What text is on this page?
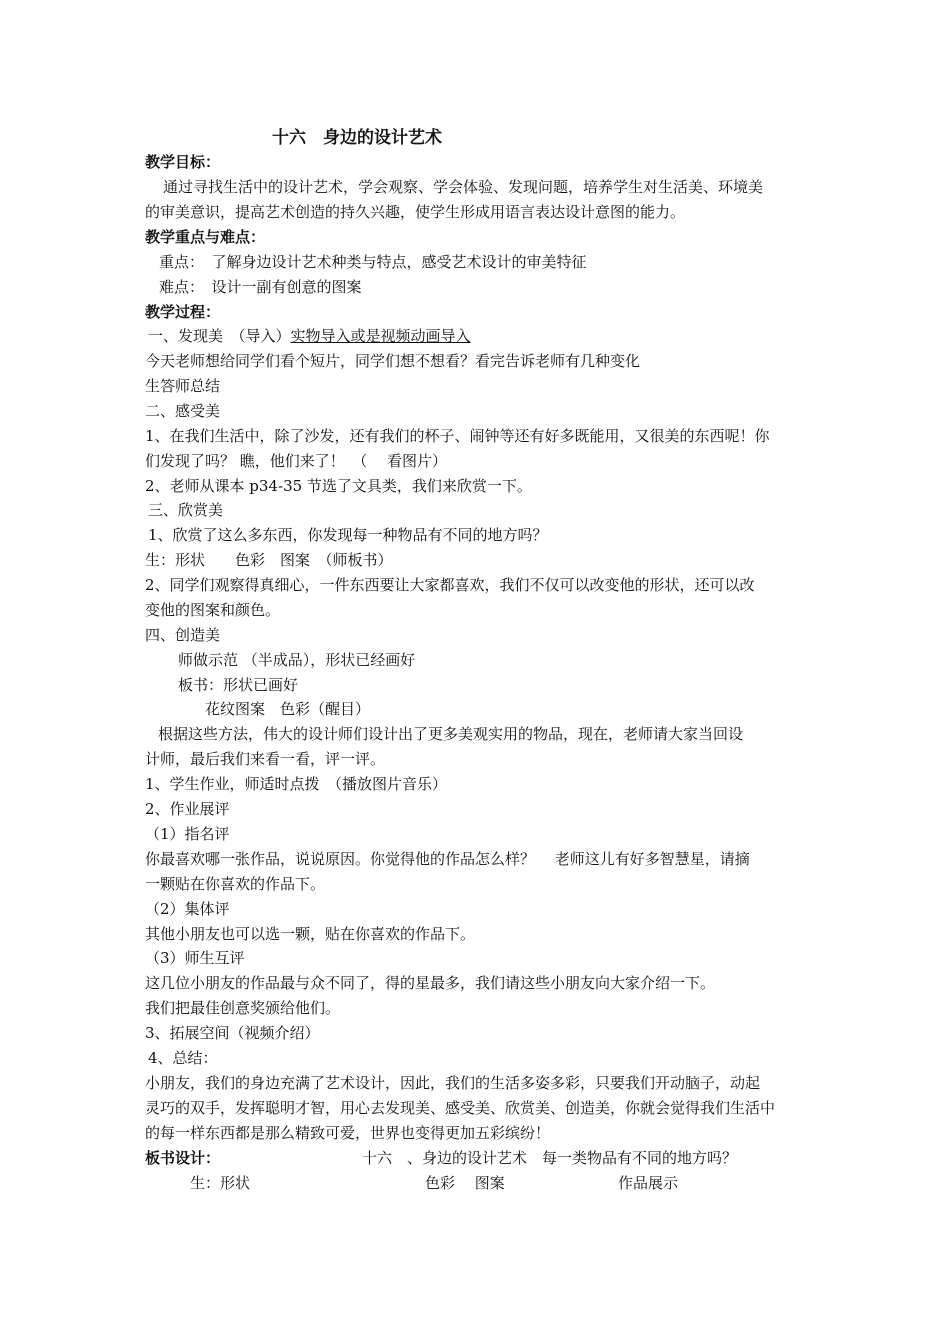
十六　身边的设计艺术
教学目标：
通过寻找生活中的设计艺术，学会观察、学会体验、发现问题，培养学生对生活美、环境美
的审美意识，提高艺术创造的持久兴趣，使学生形成用语言表达设计意图的能力。
教学重点与难点：
重点：　了解身边设计艺术种类与特点，感受艺术设计的审美特征
难点：　设计一副有创意的图案
教学过程：
一、发现美　（导入）实物导入或是视频动画导入
今天老师想给同学们看个短片，同学们想不想看？看完告诉老师有几种变化
生答师总结
二、感受美
1、在我们生活中，除了沙发，还有我们的杯子、闹钟等还有好多既能用，又很美的东西呢！你
们发现了吗？ 瞧，他们来了！　（　 看图片）
2、老师从课本 p34-35 节选了文具类，我们来欣赏一下。
三、欣赏美
1、欣赏了这么多东西，你发现每一种物品有不同的地方吗？
生：形状　　色彩　图案　（师板书）
2、同学们观察得真细心，一件东西要让大家都喜欢，我们不仅可以改变他的形状，还可以改
变他的图案和颜色。
四、创造美
师做示范 （半成品），形状已经画好
板书：形状已画好
花纹图案　色彩（醒目）
根据这些方法，伟大的设计师们设计出了更多美观实用的物品，现在，老师请大家当回设
计师，最后我们来看一看，评一评。
1、学生作业，师适时点拨　（播放图片音乐）
2、作业展评
（1）指名评
你最喜欢哪一张作品，说说原因。你觉得他的作品怎么样？　 老师这儿有好多智慧星，请摘
一颗贴在你喜欢的作品下。
（2）集体评
其他小朋友也可以选一颗，贴在你喜欢的作品下。
（3）师生互评
这几位小朋友的作品最与众不同了，得的星最多，我们请这些小朋友向大家介绍一下。
我们把最佳创意奖颁给他们。
3、拓展空间（视频介绍）
4、总结：
小朋友，我们的身边充满了艺术设计，因此，我们的生活多姿多彩，只要我们开动脑子，动起
灵巧的双手，发挥聪明才智，用心去发现美、感受美、欣赏美、创造美，你就会觉得我们生活中
的每一样东西都是那么精致可爱，世界也变得更加五彩缤纷！
板书设计：	十六　、身边的设计艺术　每一类物品有不同的地方吗？
生：形状	色彩　 图案	作品展示
